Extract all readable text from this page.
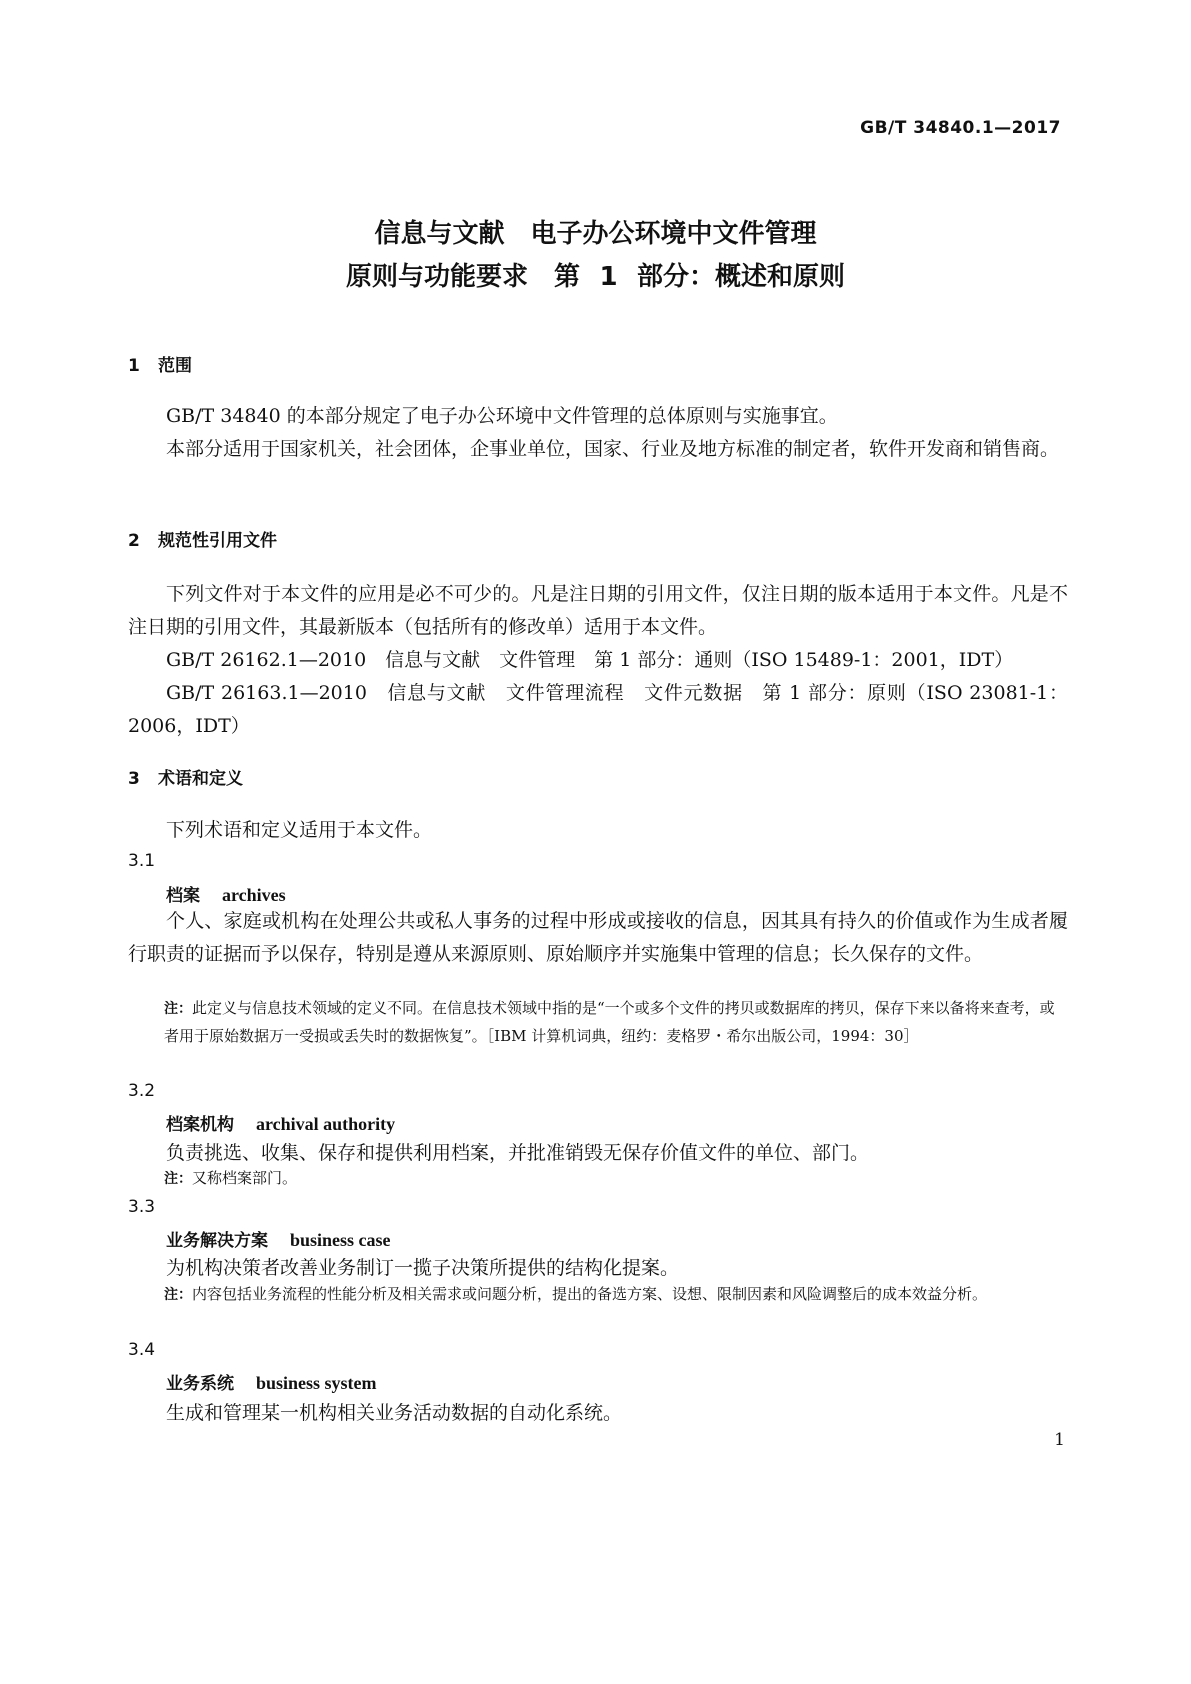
GB/T 34840.1—2017
信息与文献　电子办公环境中文件管理
原则与功能要求　第 1 部分：概述和原则
1 范围
GB/T 34840 的本部分规定了电子办公环境中文件管理的总体原则与实施事宜。
本部分适用于国家机关，社会团体，企事业单位，国家、行业及地方标准的制定者，软件开发商和销售商。
2 规范性引用文件
下列文件对于本文件的应用是必不可少的。凡是注日期的引用文件，仅注日期的版本适用于本文件。凡是不注日期的引用文件，其最新版本（包括所有的修改单）适用于本文件。
GB/T 26162.1—2010　信息与文献　文件管理　第 1 部分：通则（ISO 15489-1：2001，IDT）
GB/T 26163.1—2010　信息与文献　文件管理流程　文件元数据　第 1 部分：原则（ISO 23081-1：2006，IDT）
3 术语和定义
下列术语和定义适用于本文件。
3.1
档案 archives
个人、家庭或机构在处理公共或私人事务的过程中形成或接收的信息，因其具有持久的价值或作为生成者履行职责的证据而予以保存，特别是遵从来源原则、原始顺序并实施集中管理的信息；长久保存的文件。
注：此定义与信息技术领域的定义不同。在信息技术领域中指的是“一个或多个文件的拷贝或数据库的拷贝，保存下来以备将来查考，或者用于原始数据万一受损或丢失时的数据恢复”。［IBM 计算机词典，纽约：麦格罗・希尔出版公司，1994：30］
3.2
档案机构 archival authority
负责挑选、收集、保存和提供利用档案，并批准销毁无保存价值文件的单位、部门。
注：又称档案部门。
3.3
业务解决方案 business case
为机构决策者改善业务制订一揽子决策所提供的结构化提案。
注：内容包括业务流程的性能分析及相关需求或问题分析，提出的备选方案、设想、限制因素和风险调整后的成本效益分析。
3.4
业务系统 business system
生成和管理某一机构相关业务活动数据的自动化系统。
1
